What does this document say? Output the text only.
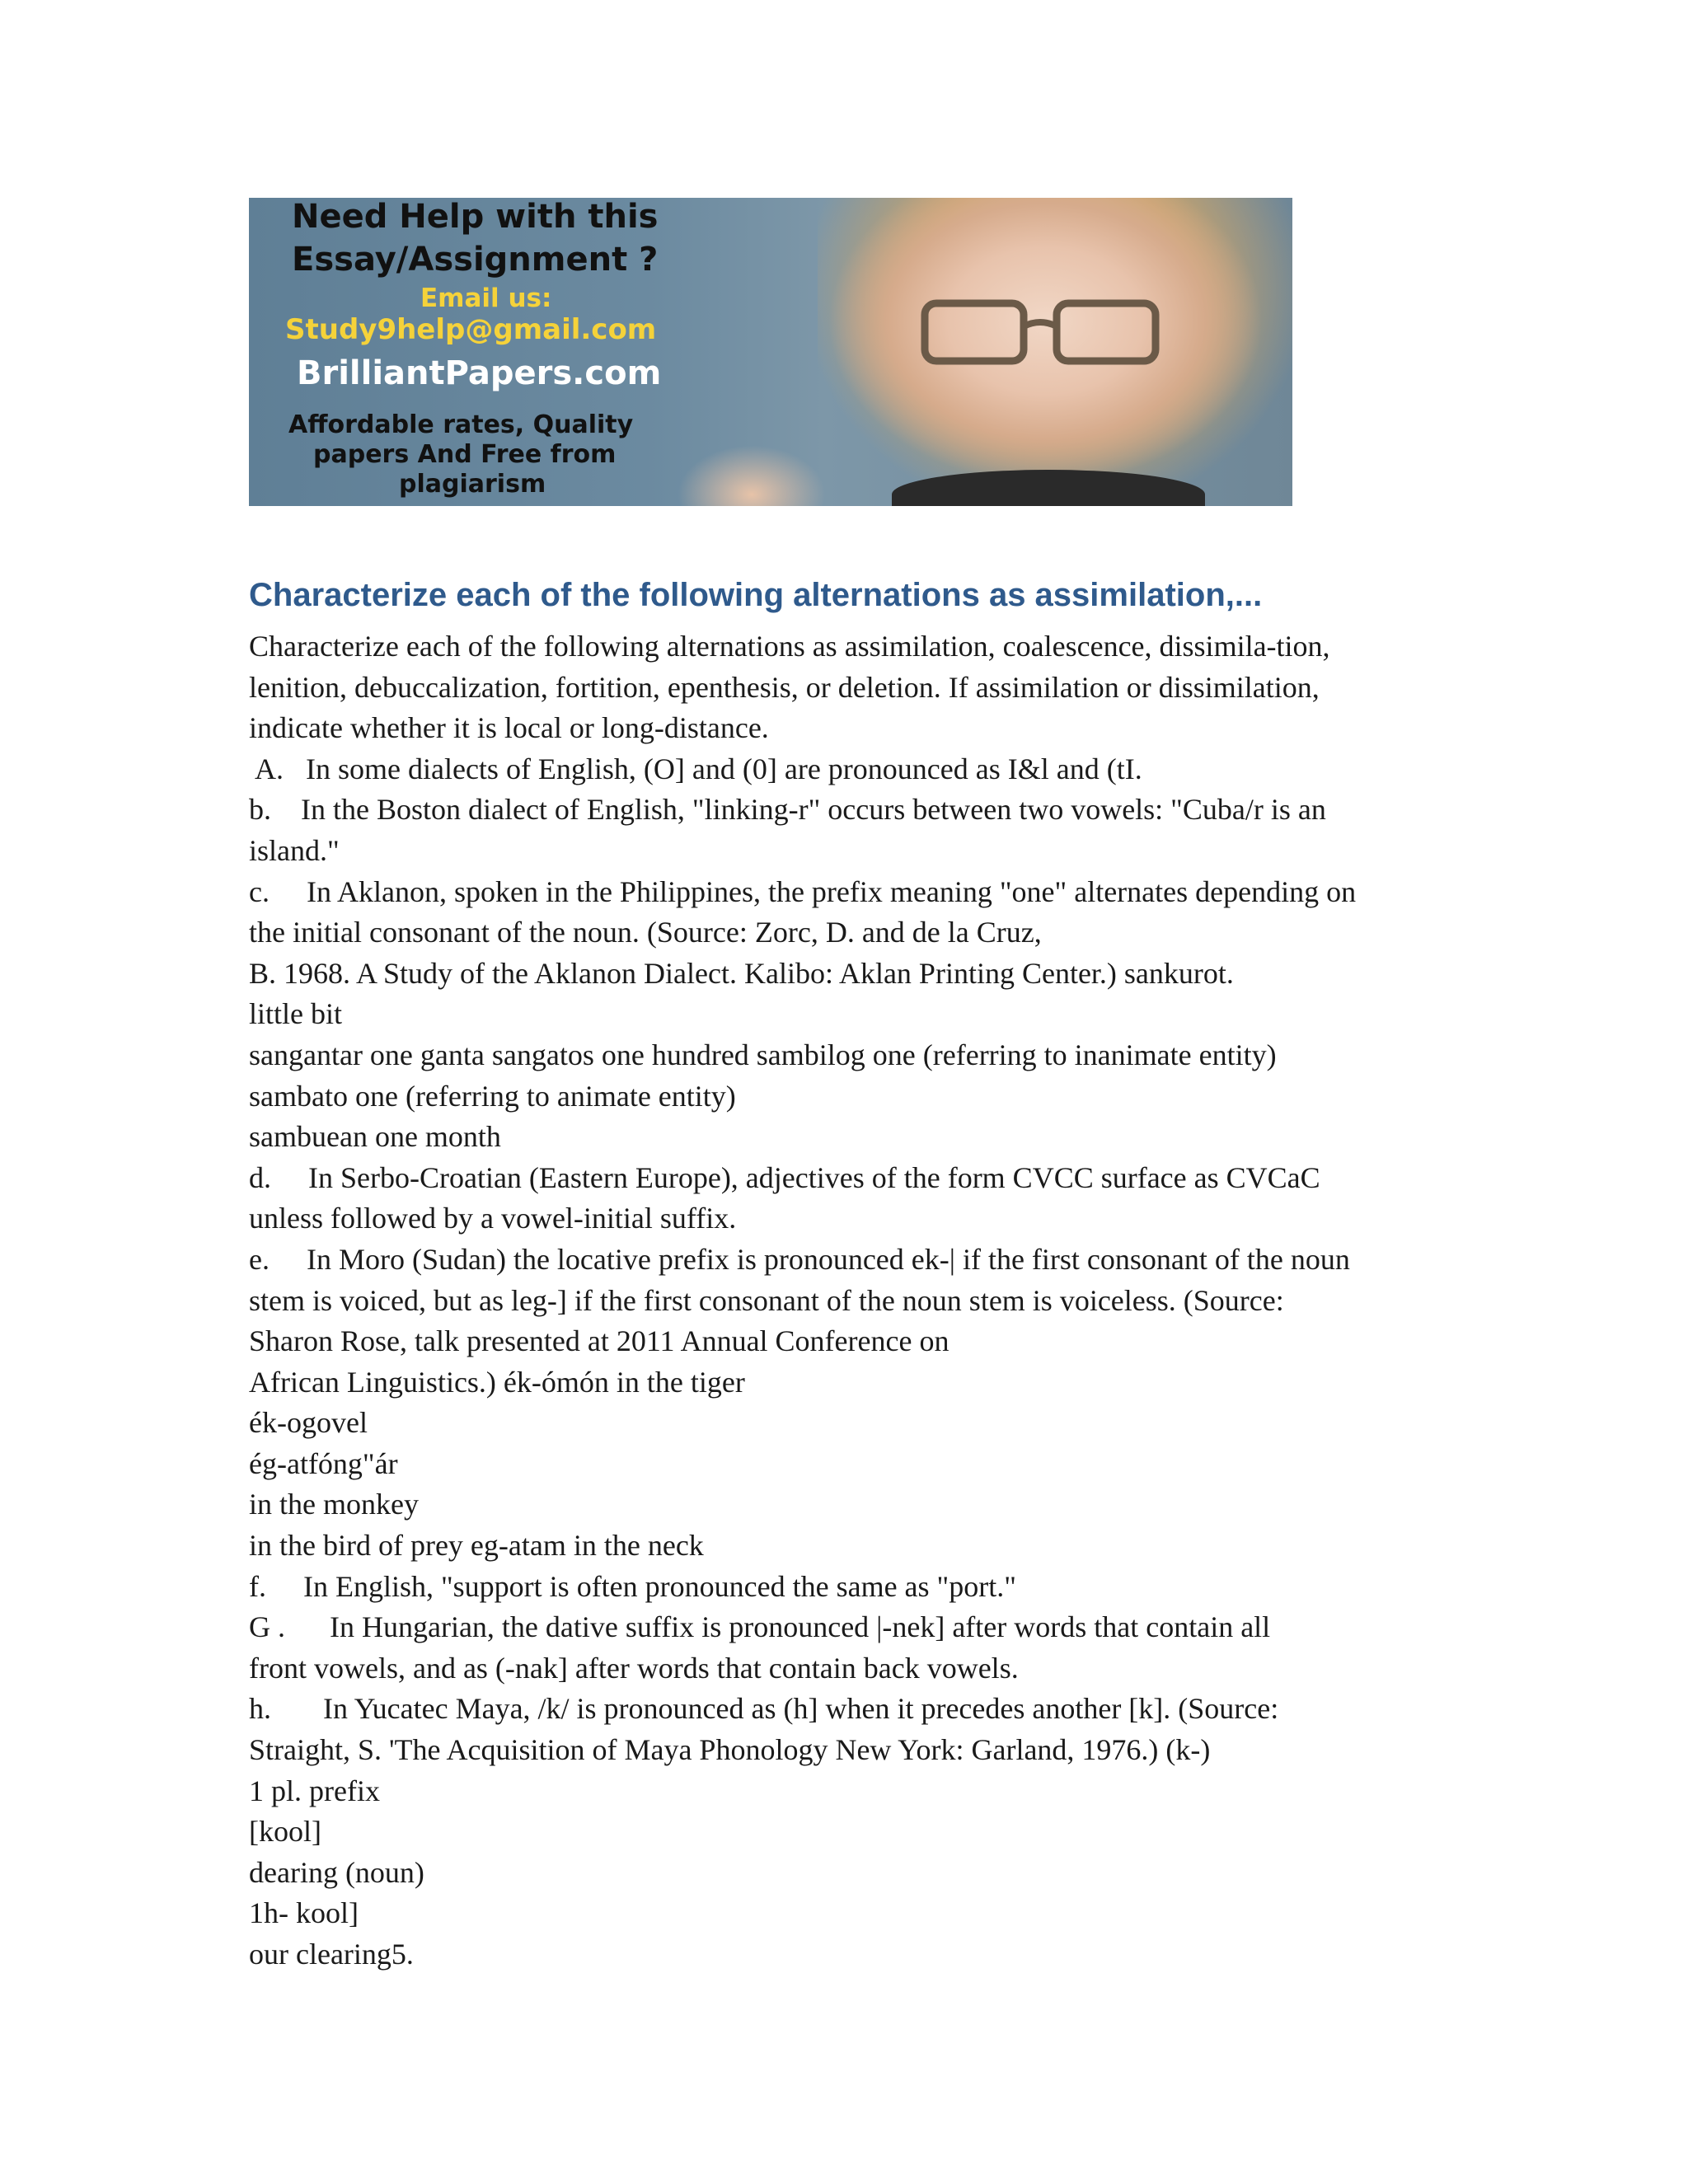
Need Help with this
Essay/Assignment ?
Email us:
Study9help@gmail.com
BrilliantPapers.com
Affordable rates, Quality
papers And Free from
plagiarism
Characterize each of the following alternations as assimilation,...
Characterize each of the following alternations as assimilation, coalescence, dissimila-tion,
lenition, debuccalization, fortition, epenthesis, or deletion. If assimilation or dissimilation,
indicate whether it is local or long-distance.
A.   In some dialects of English, (O] and (0] are pronounced as I&l and (tI.
b.    In the Boston dialect of English, "linking-r" occurs between two vowels: "Cuba/r is an
island."
c.     In Aklanon, spoken in the Philippines, the prefix meaning "one" alternates depending on
the initial consonant of the noun. (Source: Zorc, D. and de la Cruz,
B. 1968. A Study of the Aklanon Dialect. Kalibo: Aklan Printing Center.) sankurot.
little bit
sangantar one ganta sangatos one hundred sambilog one (referring to inanimate entity)
sambato one (referring to animate entity)
sambuean one month
d.     In Serbo-Croatian (Eastern Europe), adjectives of the form CVCC surface as CVCaC
unless followed by a vowel-initial suffix.
e.     In Moro (Sudan) the locative prefix is pronounced ek-| if the first consonant of the noun
stem is voiced, but as leg-] if the first consonant of the noun stem is voiceless. (Source:
Sharon Rose, talk presented at 2011 Annual Conference on
African Linguistics.) ék-ómón in the tiger
ék-ogovel
ég-atfóng"ár
in the monkey
in the bird of prey eg-atam in the neck
f.     In English, "support is often pronounced the same as "port."
G .      In Hungarian, the dative suffix is pronounced |-nek] after words that contain all
front vowels, and as (-nak] after words that contain back vowels.
h.       In Yucatec Maya, /k/ is pronounced as (h] when it precedes another [k]. (Source:
Straight, S. 'The Acquisition of Maya Phonology New York: Garland, 1976.) (k-)
1 pl. prefix
[kool]
dearing (noun)
1h- kool]
our clearing5.
